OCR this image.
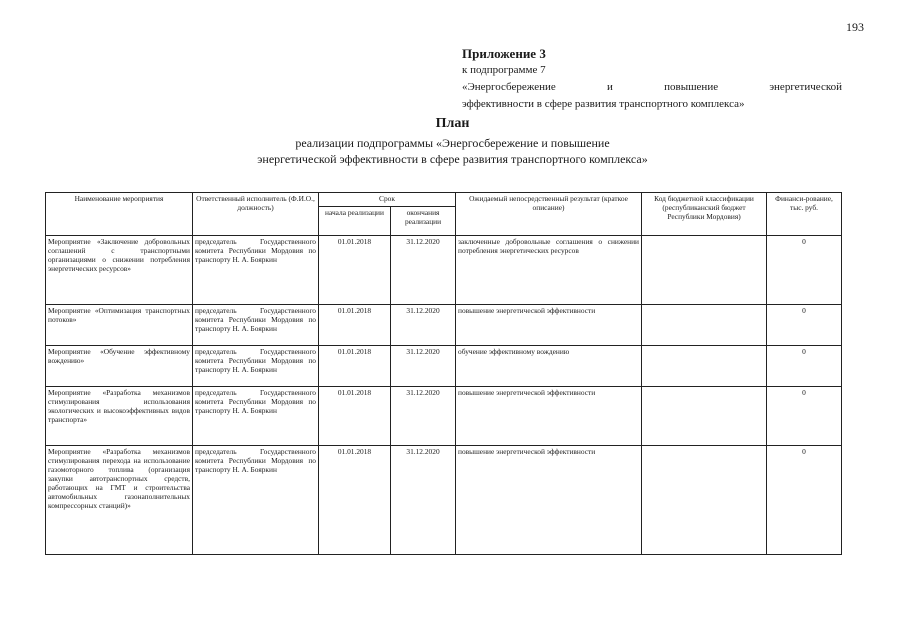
193
Приложение 3
к подпрограмме 7
«Энергосбережение и повышение энергетической
эффективности в сфере развития транспортного комплекса»
План
реализации подпрограммы «Энергосбережение и повышение
энергетической эффективности в сфере развития транспортного комплекса»
Наименование мероприятия	Ответственный исполнитель (Ф.И.О., должность)	Срок		Ожидаемый непосредственный результат (краткое описание)	Код бюджетной классификации (республиканский бюджет Республики Мордовия)	Финанси-рование, тыс. руб.
		начала реализации	окончания реализации			
Мероприятие «Заключение добровольных соглашений с транспортными организациями о снижении потребления энергетических ресурсов»	председатель Государственного комитета Республики Мордовия по транспорту Н. А. Бояркин	01.01.2018	31.12.2020	заключенные добровольные соглашения о снижении потребления энергетических ресурсов		0
Мероприятие «Оптимизация транспортных потоков»	председатель Государственного комитета Республики Мордовия по транспорту Н. А. Бояркин	01.01.2018	31.12.2020	повышение энергетической эффективности		0
Мероприятие «Обучение эффективному вождению»	председатель Государственного комитета Республики Мордовия по транспорту Н. А. Бояркин	01.01.2018	31.12.2020	обучение эффективному вождению		0
Мероприятие «Разработка механизмов стимулирования использования экологических и высокоэффективных видов транспорта»	председатель Государственного комитета Республики Мордовия по транспорту Н. А. Бояркин	01.01.2018	31.12.2020	повышение энергетической эффективности		0
Мероприятие «Разработка механизмов стимулирования перехода на использование газомоторного топлива (организация закупки автотранспортных средств, работающих на ГМТ и строительства автомобильных газонаполнительных компрессорных станций)»	председатель Государственного комитета Республики Мордовия по транспорту Н. А. Бояркин	01.01.2018	31.12.2020	повышение энергетической эффективности		0
